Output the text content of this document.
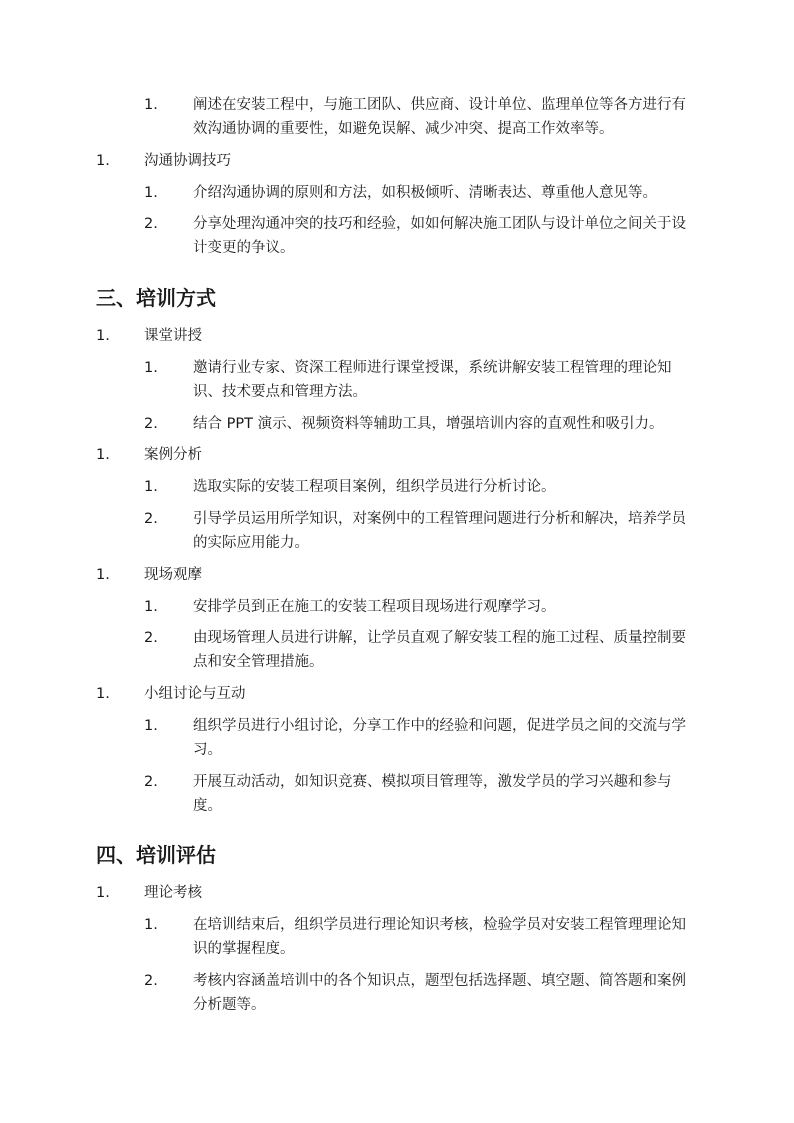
1. 阐述在安装工程中，与施工团队、供应商、设计单位、监理单位等各方进行有
效沟通协调的重要性，如避免误解、减少冲突、提高工作效率等。
1. 沟通协调技巧
1. 介绍沟通协调的原则和方法，如积极倾听、清晰表达、尊重他人意见等。
2. 分享处理沟通冲突的技巧和经验，如如何解决施工团队与设计单位之间关于设
计变更的争议。
三、培训方式
1. 课堂讲授
1. 邀请行业专家、资深工程师进行课堂授课，系统讲解安装工程管理的理论知
识、技术要点和管理方法。
2. 结合 PPT 演示、视频资料等辅助工具，增强培训内容的直观性和吸引力。
1. 案例分析
1. 选取实际的安装工程项目案例，组织学员进行分析讨论。
2. 引导学员运用所学知识，对案例中的工程管理问题进行分析和解决，培养学员
的实际应用能力。
1. 现场观摩
1. 安排学员到正在施工的安装工程项目现场进行观摩学习。
2. 由现场管理人员进行讲解，让学员直观了解安装工程的施工过程、质量控制要
点和安全管理措施。
1. 小组讨论与互动
1. 组织学员进行小组讨论，分享工作中的经验和问题，促进学员之间的交流与学
习。
2. 开展互动活动，如知识竞赛、模拟项目管理等，激发学员的学习兴趣和参与
度。
四、培训评估
1. 理论考核
1. 在培训结束后，组织学员进行理论知识考核，检验学员对安装工程管理理论知
识的掌握程度。
2. 考核内容涵盖培训中的各个知识点，题型包括选择题、填空题、简答题和案例
分析题等。
